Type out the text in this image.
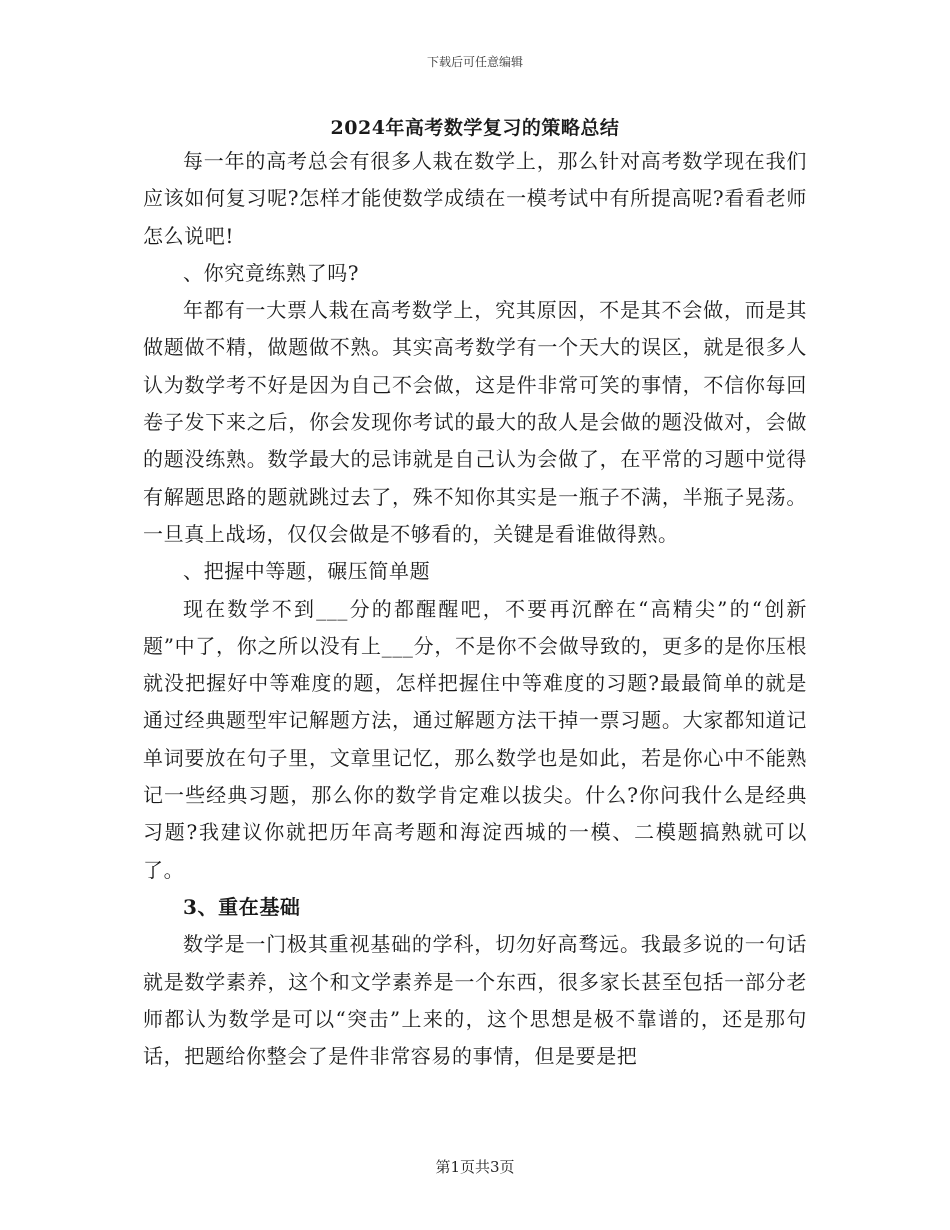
下载后可任意编辑
2024年高考数学复习的策略总结

每一年的高考总会有很多人栽在数学上，那么针对高考数学现在我们应该如何复习呢?怎样才能使数学成绩在一模考试中有所提高呢?看看老师怎么说吧!

、你究竟练熟了吗?

年都有一大票人栽在高考数学上，究其原因，不是其不会做，而是其做题做不精，做题做不熟。其实高考数学有一个天大的误区，就是很多人认为数学考不好是因为自己不会做，这是件非常可笑的事情，不信你每回卷子发下来之后，你会发现你考试的最大的敌人是会做的题没做对，会做的题没练熟。数学最大的忌讳就是自己认为会做了，在平常的习题中觉得有解题思路的题就跳过去了，殊不知你其实是一瓶子不满，半瓶子晃荡。一旦真上战场，仅仅会做是不够看的，关键是看谁做得熟。

、把握中等题，碾压简单题

现在数学不到___分的都醒醒吧，不要再沉醉在“高精尖”的“创新题”中了，你之所以没有上___分，不是你不会做导致的，更多的是你压根就没把握好中等难度的题，怎样把握住中等难度的习题?最最简单的就是通过经典题型牢记解题方法，通过解题方法干掉一票习题。大家都知道记单词要放在句子里，文章里记忆，那么数学也是如此，若是你心中不能熟记一些经典习题，那么你的数学肯定难以拔尖。什么?你问我什么是经典习题?我建议你就把历年高考题和海淀西城的一模、二模题搞熟就可以了。

3、重在基础

数学是一门极其重视基础的学科，切勿好高骛远。我最多说的一句话就是数学素养，这个和文学素养是一个东西，很多家长甚至包括一部分老师都认为数学是可以“突击”上来的，这个思想是极不靠谱的，还是那句话，把题给你整会了是件非常容易的事情，但是要是把

第1页共3页
